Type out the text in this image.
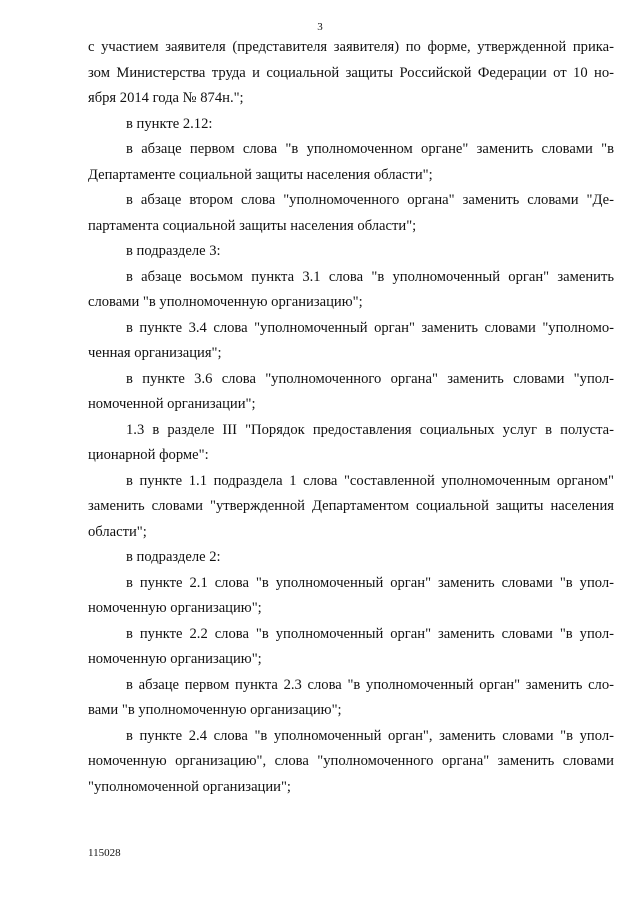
3
с участием заявителя (представителя заявителя) по форме, утвержденной прика-
зом Министерства труда и социальной защиты Российской Федерации от 10 но-
ября 2014 года № 874н.";
в пункте 2.12:
в абзаце первом слова "в уполномоченном органе" заменить словами "в
Департаменте социальной защиты населения области";
в абзаце втором слова "уполномоченного органа" заменить словами "Де-
партамента социальной защиты населения области";
в подразделе 3:
в абзаце восьмом пункта 3.1 слова "в уполномоченный орган" заменить
словами "в уполномоченную организацию";
в пункте 3.4 слова "уполномоченный орган" заменить словами "уполномо-
ченная организация";
в пункте 3.6 слова "уполномоченного органа" заменить словами "упол-
номоченной организации";
1.3 в разделе III "Порядок предоставления социальных услуг в полуста-
ционарной форме":
в пункте 1.1 подраздела 1 слова "составленной уполномоченным органом"
заменить словами "утвержденной Департаментом социальной защиты населения
области";
в подразделе 2:
в пункте 2.1 слова "в уполномоченный орган" заменить словами "в упол-
номоченную организацию";
в пункте 2.2 слова "в уполномоченный орган" заменить словами "в упол-
номоченную организацию";
в абзаце первом пункта 2.3 слова "в уполномоченный орган" заменить сло-
вами "в уполномоченную организацию";
в пункте 2.4 слова "в уполномоченный орган", заменить словами "в упол-
номоченную организацию", слова "уполномоченного органа" заменить словами
"уполномоченной организации";
115028
